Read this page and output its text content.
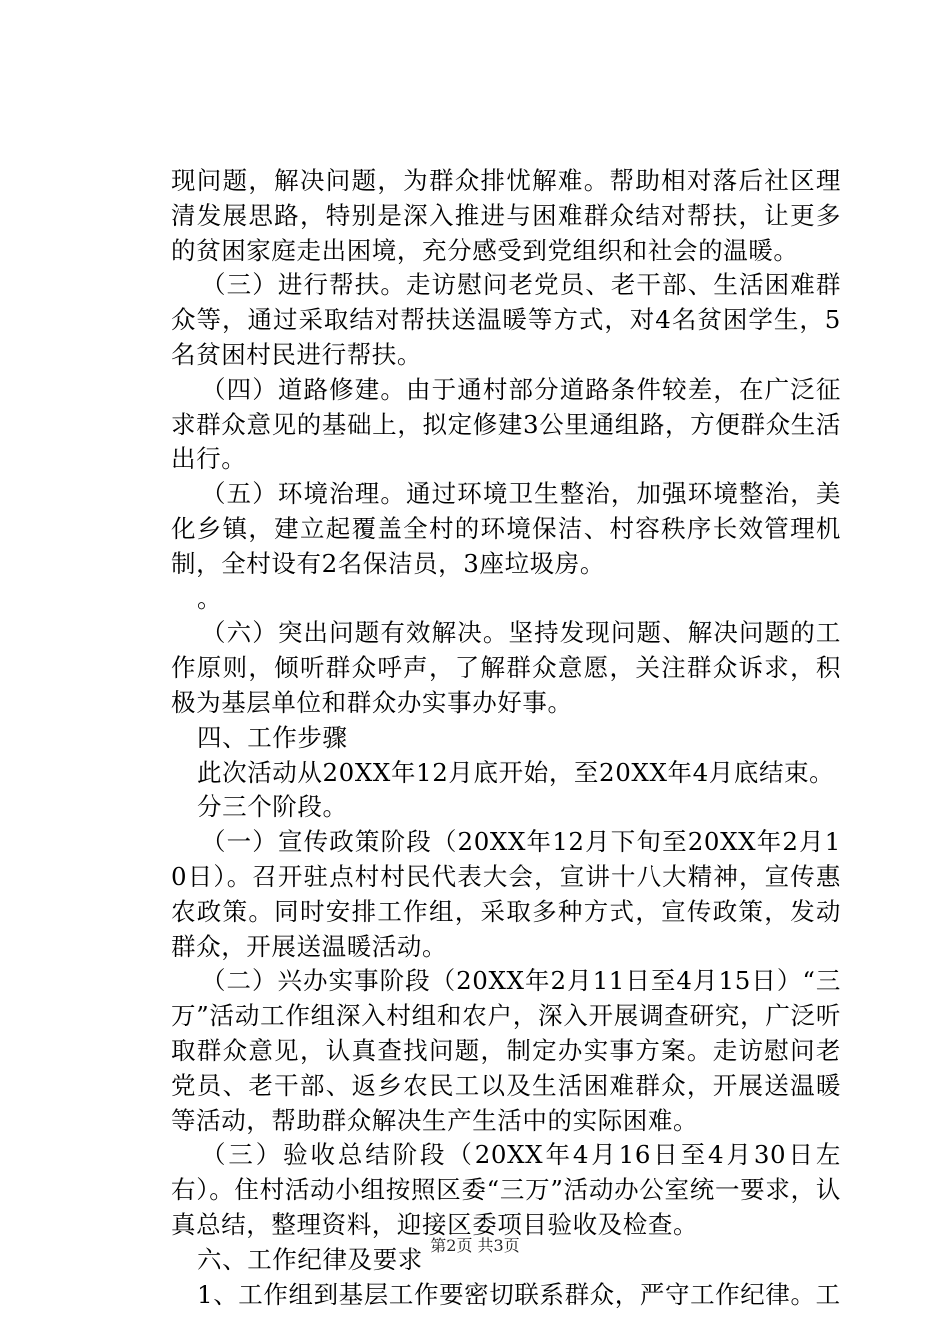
现问题，解决问题，为群众排忧解难。帮助相对落后社区理清发展思路，特别是深入推进与困难群众结对帮扶，让更多的贫困家庭走出困境，充分感受到党组织和社会的温暖。

（三）进行帮扶。走访慰问老党员、老干部、生活困难群众等，通过采取结对帮扶送温暖等方式，对4名贫困学生，5名贫困村民进行帮扶。

（四）道路修建。由于通村部分道路条件较差，在广泛征求群众意见的基础上，拟定修建3公里通组路，方便群众生活出行。

（五）环境治理。通过环境卫生整治，加强环境整治，美化乡镇，建立起覆盖全村的环境保洁、村容秩序长效管理机制，全村设有2名保洁员，3座垃圾房。

。

（六）突出问题有效解决。坚持发现问题、解决问题的工作原则，倾听群众呼声，了解群众意愿，关注群众诉求，积极为基层单位和群众办实事办好事。

四、工作步骤

此次活动从20XX年12月底开始，至20XX年4月底结束。

分三个阶段。

（一）宣传政策阶段（20XX年12月下旬至20XX年2月10日）。召开驻点村村民代表大会，宣讲十八大精神，宣传惠农政策。同时安排工作组，采取多种方式，宣传政策，发动群众，开展送温暖活动。

（二）兴办实事阶段（20XX年2月11日至4月15日）“三万”活动工作组深入村组和农户，深入开展调查研究，广泛听取群众意见，认真查找问题，制定办实事方案。走访慰问老党员、老干部、返乡农民工以及生活困难群众，开展送温暖等活动，帮助群众解决生产生活中的实际困难。

（三）验收总结阶段（20XX年4月16日至4月30日左右）。住村活动小组按照区委“三万”活动办公室统一要求，认真总结，整理资料，迎接区委项目验收及检查。

六、工作纪律及要求

1、工作组到基层工作要密切联系群众，严守工作纪律。工

第2页 共3页
